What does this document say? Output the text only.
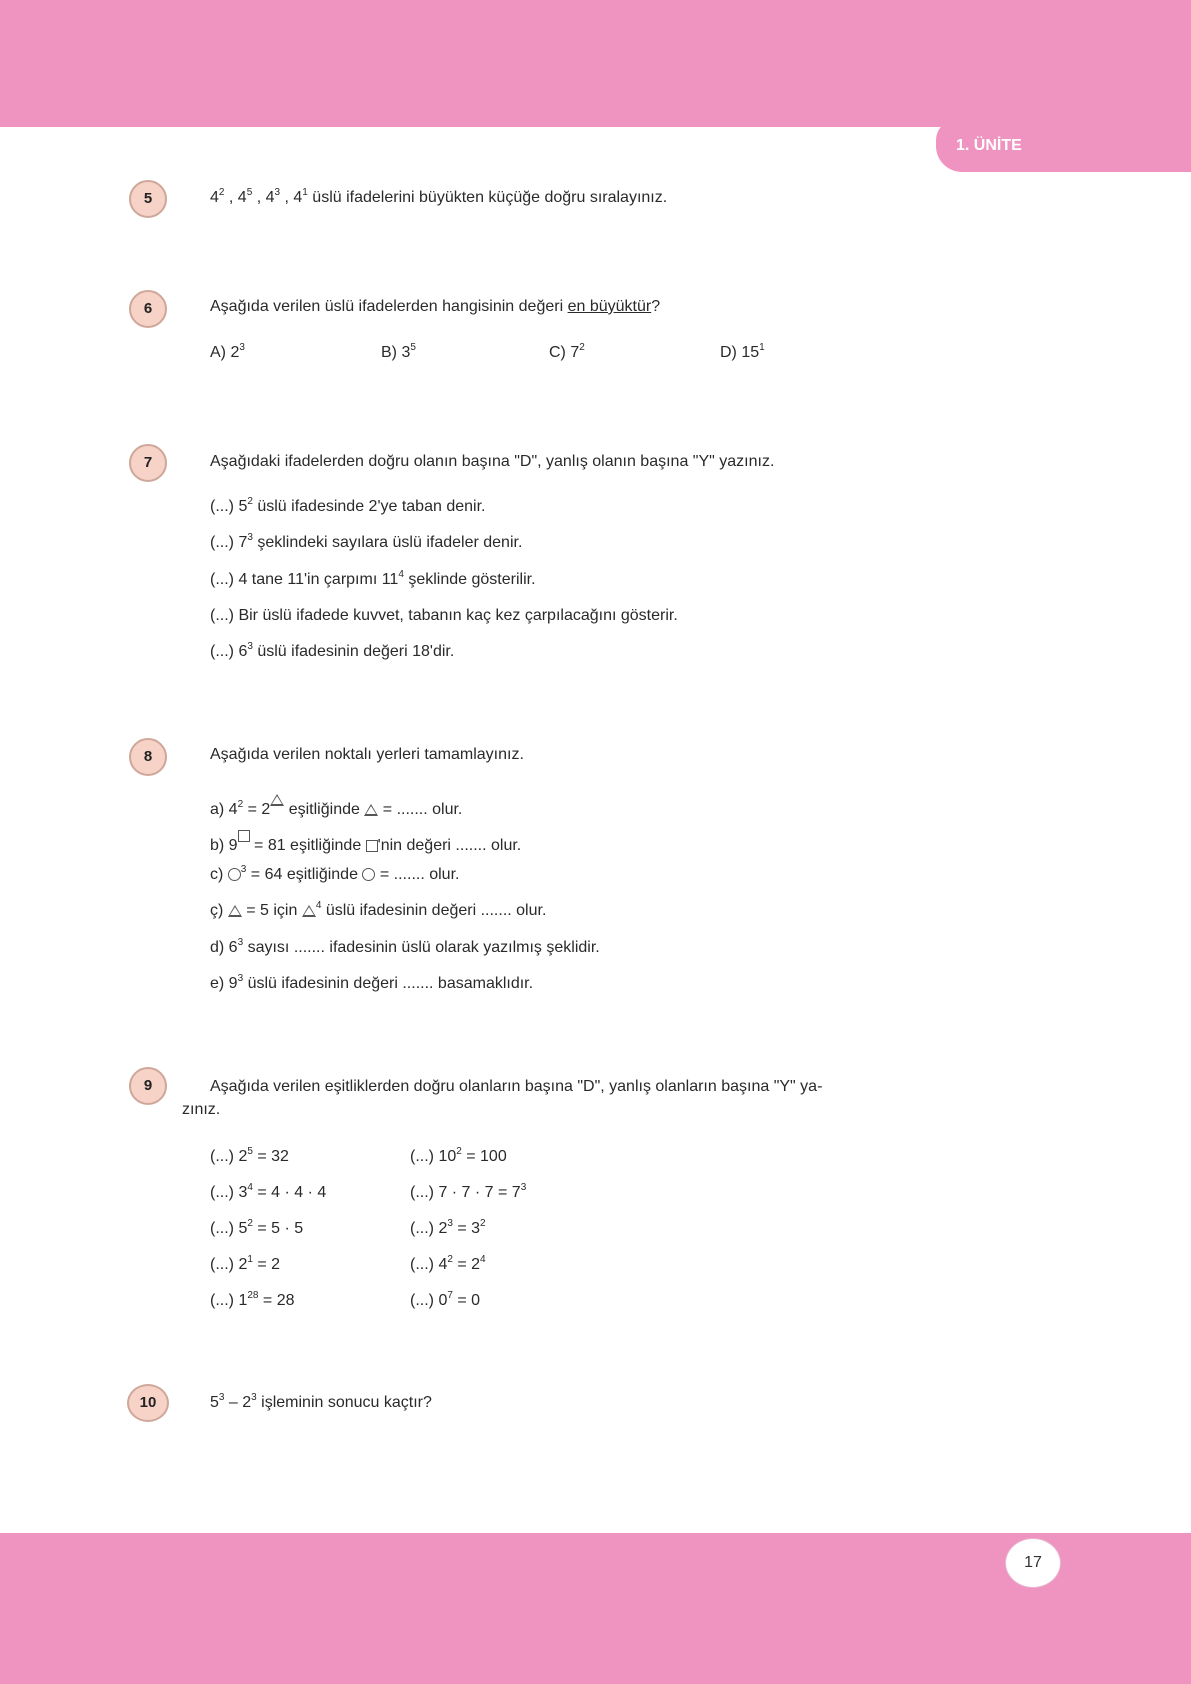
1. ÜNİTE
5	$4^2$ , $4^5$ , $4^3$ , $4^1$ üslü ifadelerini büyükten küçüğe doğru sıralayınız.
6	Aşağıda verilen üslü ifadelerden hangisinin değeri en büyüktür?
A) $2^3$	B) $3^5$	C) $7^2$	D) $15^1$
7	Aşağıdaki ifadelerden doğru olanın başına "D", yanlış olanın başına "Y" yazınız.
(...) $5^2$ üslü ifadesinde 2'ye taban denir.
(...) $7^3$ şeklindeki sayılara üslü ifadeler denir.
(...) 4 tane 11'in çarpımı $11^4$ şeklinde gösterilir.
(...) Bir üslü ifadede kuvvet, tabanın kaç kez çarpılacağını gösterir.
(...) $6^3$ üslü ifadesinin değeri 18'dir.
8	Aşağıda verilen noktalı yerleri tamamlayınız.
a) $4^2 = 2$ eşitliğinde  = ....... olur.
b) 9 = 81 eşitliğinde 'nin değeri ....... olur.
c) $^3$ = 64 eşitliğinde  = ....... olur.
ç)  = 5 için $^4$ üslü ifadesinin değeri ....... olur.
d) $6^3$ sayısı ....... ifadesinin üslü olarak yazılmış şeklidir.
e) $9^3$ üslü ifadesinin değeri ....... basamaklıdır.
9	Aşağıda verilen eşitliklerden doğru olanların başına "D", yanlış olanların başına "Y" ya-
zınız.
(...) $2^5 = 32$
(...) $3^4 = 4 \cdot 4 \cdot 4$
(...) $5^2 = 5 \cdot 5$
(...) $2^1 = 2$
(...) $1^{28} = 28$
(...) $10^2 = 100$
(...) $7 \cdot 7 \cdot 7 = 7^3$
(...) $2^3 = 3^2$
(...) $4^2 = 2^4$
(...) $0^7 = 0$
10	$5^3 - 2^3$ işleminin sonucu kaçtır?
17
